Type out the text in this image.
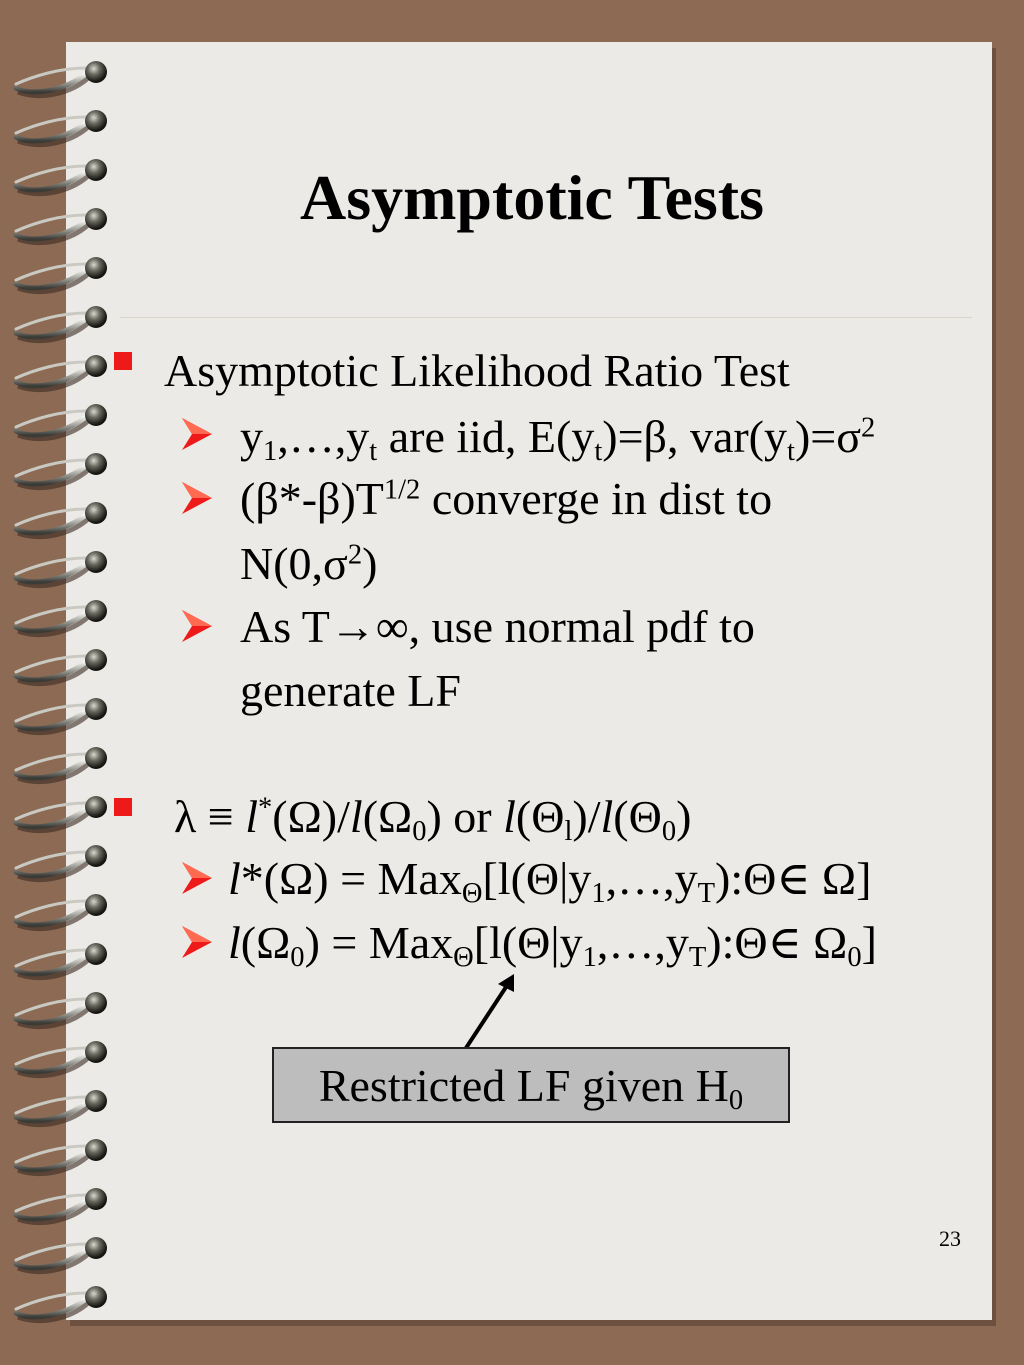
Asymptotic Tests
Asymptotic Likelihood Ratio Test
$y_1,\dots,y_t$ are iid, $E(y_t)=\beta$, $var(y_t)=\sigma^2$
$(\beta*-\beta)T^{1/2}$ converge in dist to
$N(0,\sigma^2)$
As T→∞, use normal pdf to
generate LF
$\lambda \equiv l^*(\Omega)/l(\Omega_0)$ or $l(\Theta_l)/l(\Theta_0)$
$l*(\Omega) = Max_\Theta[l(\Theta|y_1,\dots,y_T):\Theta\in$ Ω]
$l(\Omega_0)$ = $Max_\Theta[l(\Theta|y_1,\dots,y_T):\Theta\in$ $\Omega_0$]
Restricted LF given $H_0$
23
